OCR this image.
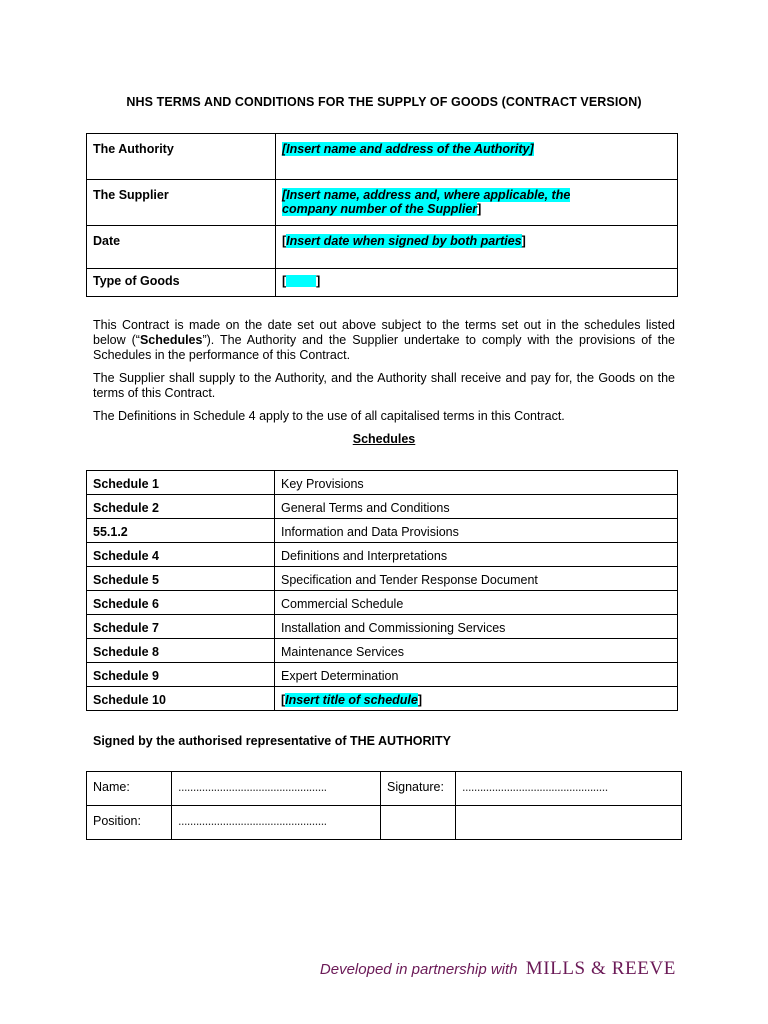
NHS TERMS AND CONDITIONS FOR THE SUPPLY OF GOODS (CONTRACT VERSION)
The Authority	[Insert name and address of the Authority]
The Supplier	[Insert name, address and, where applicable, the
company number of the Supplier]
Date	[Insert date when signed by both parties]
Type of Goods	[ ]
This Contract is made on the date set out above subject to the terms set out in the schedules listed below (“Schedules”). The Authority and the Supplier undertake to comply with the provisions of the Schedules in the performance of this Contract.
The Supplier shall supply to the Authority, and the Authority shall receive and pay for, the Goods on the terms of this Contract.
The Definitions in Schedule 4 apply to the use of all capitalised terms in this Contract.
Schedules
Schedule 1	Key Provisions
Schedule 2	General Terms and Conditions
55.1.2	Information and Data Provisions
Schedule 4	Definitions and Interpretations
Schedule 5	Specification and Tender Response Document
Schedule 6	Commercial Schedule
Schedule 7	Installation and Commissioning Services
Schedule 8	Maintenance Services
Schedule 9	Expert Determination
Schedule 10	[Insert title of schedule]
Signed by the authorised representative of THE AUTHORITY
Name:	..................................................	Signature:	.................................................
Position:	..................................................		
Developed in partnership with MILLS & REEVE
